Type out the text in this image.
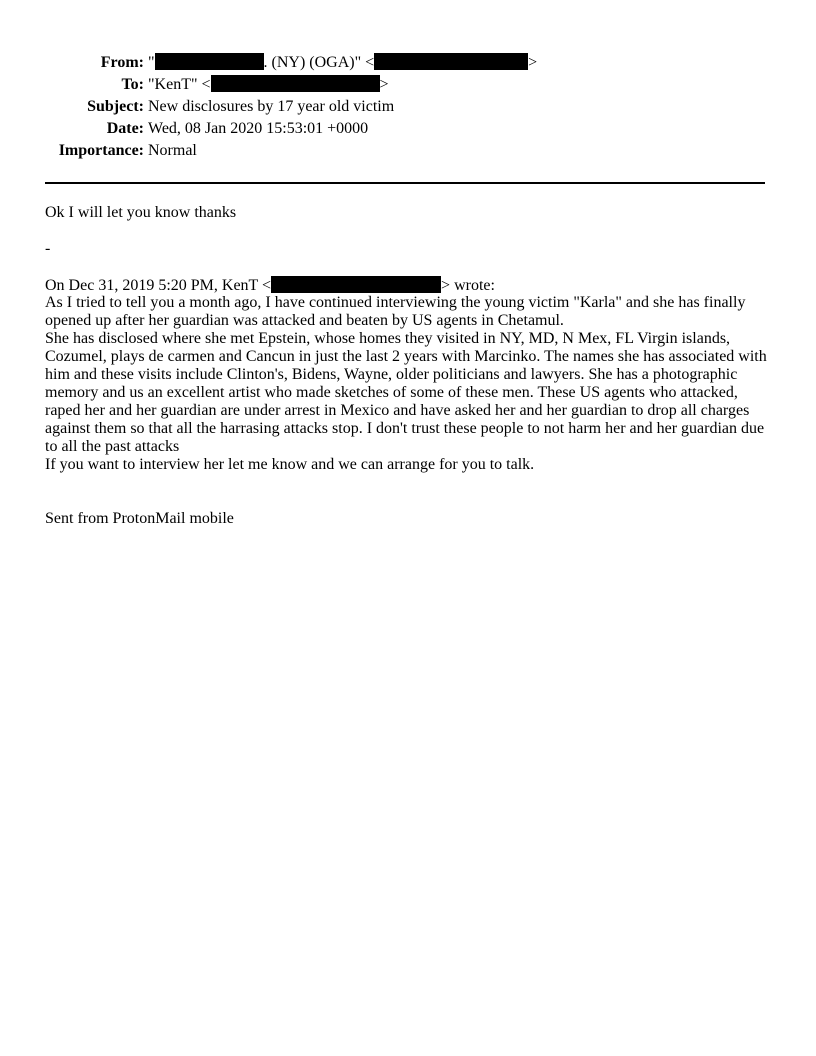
From: "	. (NY) (OGA)" <	>
To: "KenT" <	>
Subject: New disclosures by 17 year old victim
Date: Wed, 08 Jan 2020 15:53:01 +0000
Importance: Normal
Ok I will let you know thanks
-
On Dec 31, 2019 5:20 PM, KenT <	> wrote:
As I tried to tell you a month ago, I have continued interviewing the young victim "Karla" and she has finally
opened up after her guardian was attacked and beaten by US agents in Chetamul.
She has disclosed where she met Epstein, whose homes they visited in NY, MD, N Mex, FL Virgin islands,
Cozumel, plays de carmen and Cancun in just the last 2 years with Marcinko. The names she has associated with
him and these visits include Clinton's, Bidens, Wayne, older politicians and lawyers. She has a photographic
memory and us an excellent artist who made sketches of some of these men. These US agents who attacked,
raped her and her guardian are under arrest in Mexico and have asked her and her guardian to drop all charges
against them so that all the harrasing attacks stop. I don't trust these people to not harm her and her guardian due
to all the past attacks
If you want to interview her let me know and we can arrange for you to talk.
Sent from ProtonMail mobile
